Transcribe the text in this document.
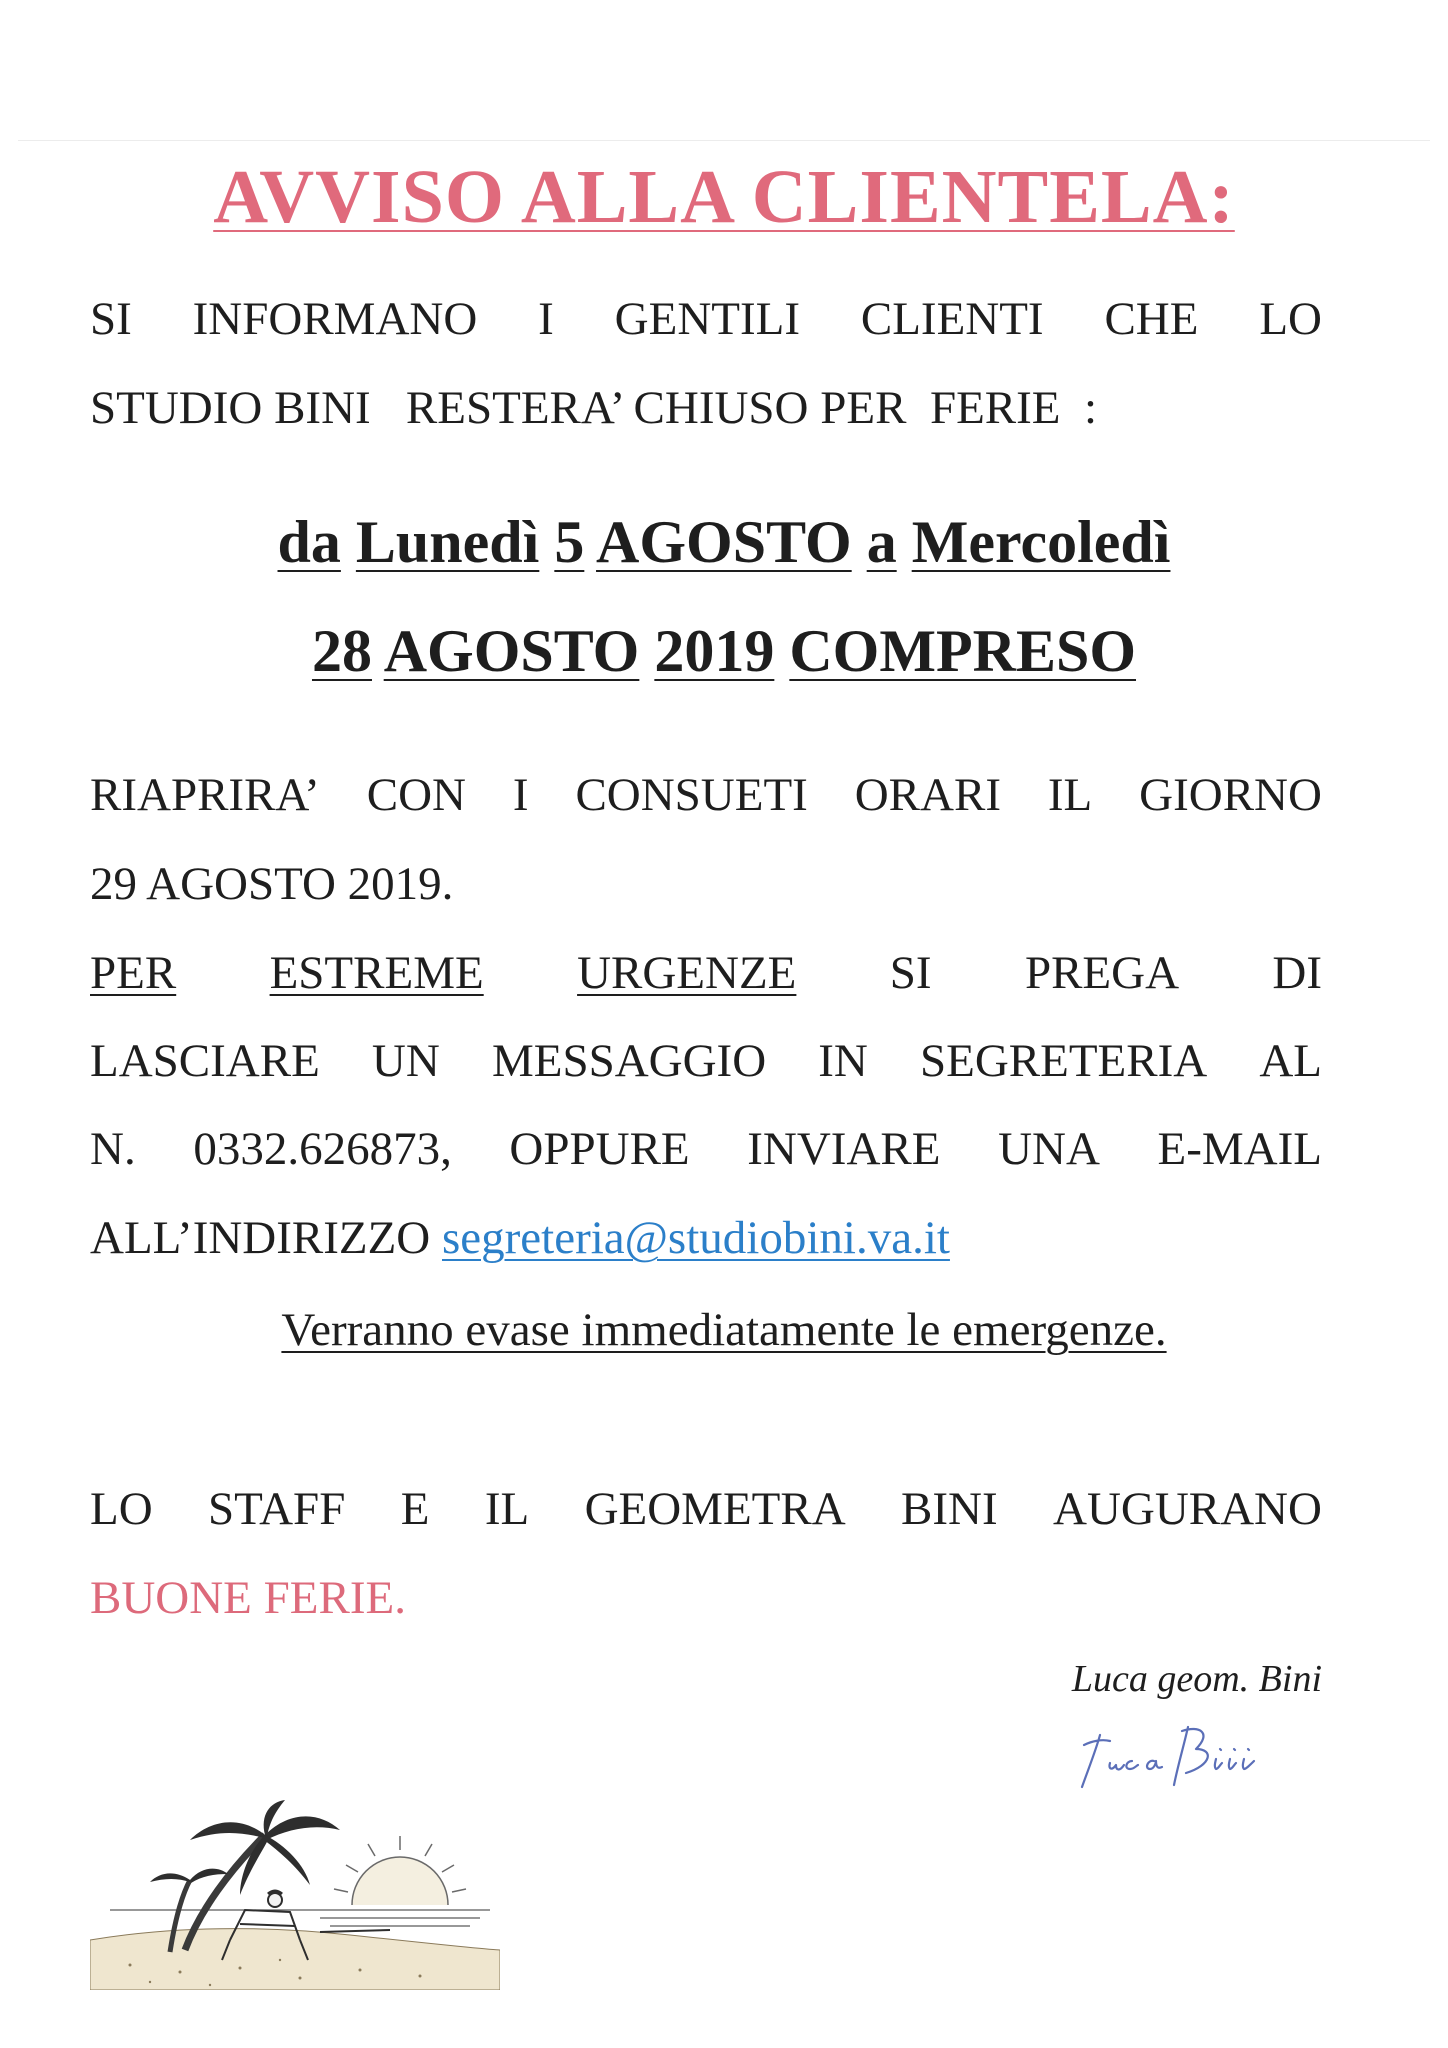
AVVISO ALLA CLIENTELA:
SI INFORMANO I GENTILI CLIENTI CHE LO
STUDIO BINI   RESTERA’ CHIUSO PER  FERIE  :
da Lunedì 5 AGOSTO a Mercoledì
28 AGOSTO 2019 COMPRESO
RIAPRIRA’ CON I CONSUETI ORARI IL GIORNO
29 AGOSTO 2019.
PER ESTREME URGENZE SI PREGA DI
LASCIARE UN MESSAGGIO IN SEGRETERIA AL
N. 0332.626873, OPPURE INVIARE UNA E-MAIL
ALL’INDIRIZZO segreteria@studiobini.va.it
Verranno evase immediatamente le emergenze.
LO STAFF E IL GEOMETRA BINI AUGURANO
BUONE FERIE.
Luca geom. Bini
